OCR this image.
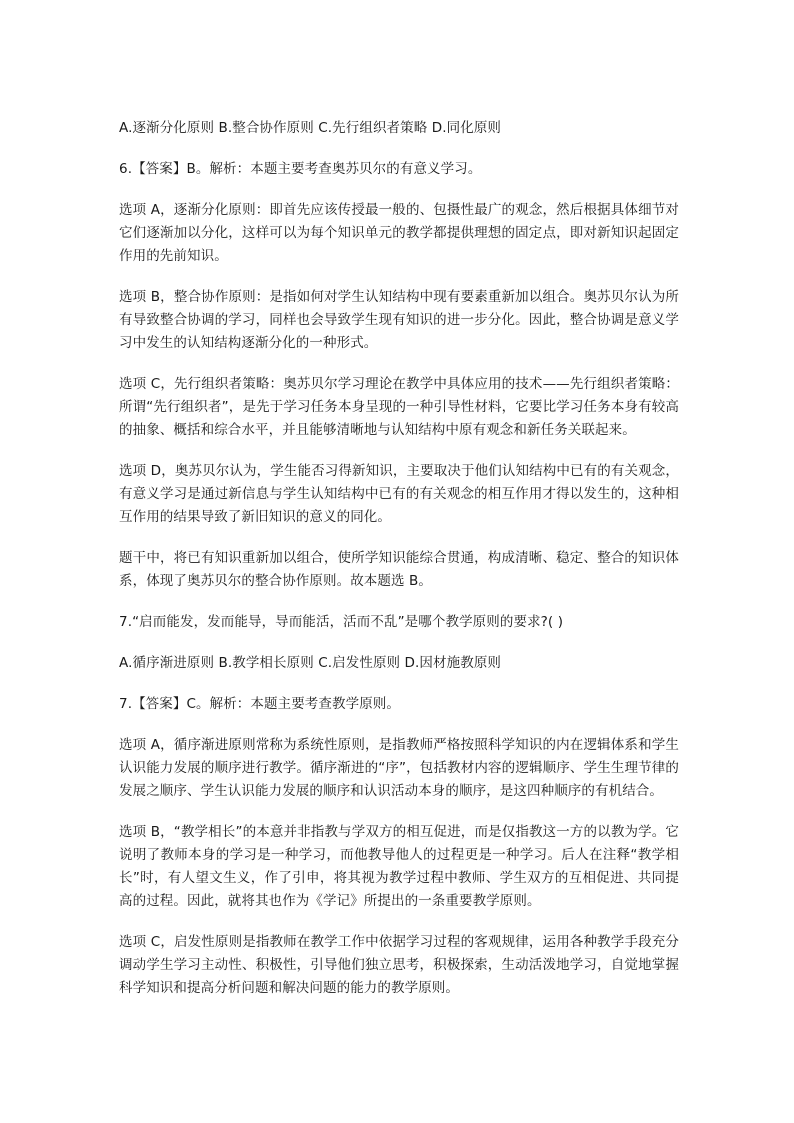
A.逐渐分化原则 B.整合协作原则 C.先行组织者策略 D.同化原则

6.【答案】B。解析：本题主要考查奥苏贝尔的有意义学习。

选项 A，逐渐分化原则：即首先应该传授最一般的、包摄性最广的观念，然后根据具体细节对它们逐渐加以分化，这样可以为每个知识单元的教学都提供理想的固定点，即对新知识起固定作用的先前知识。

选项 B，整合协作原则：是指如何对学生认知结构中现有要素重新加以组合。奥苏贝尔认为所有导致整合协调的学习，同样也会导致学生现有知识的进一步分化。因此，整合协调是意义学习中发生的认知结构逐渐分化的一种形式。

选项 C，先行组织者策略：奥苏贝尔学习理论在教学中具体应用的技术——先行组织者策略：所谓“先行组织者”，是先于学习任务本身呈现的一种引导性材料，它要比学习任务本身有较高的抽象、概括和综合水平，并且能够清晰地与认知结构中原有观念和新任务关联起来。

选项 D，奥苏贝尔认为，学生能否习得新知识，主要取决于他们认知结构中已有的有关观念，有意义学习是通过新信息与学生认知结构中已有的有关观念的相互作用才得以发生的，这种相互作用的结果导致了新旧知识的意义的同化。

题干中，将已有知识重新加以组合，使所学知识能综合贯通，构成清晰、稳定、整合的知识体系，体现了奥苏贝尔的整合协作原则。故本题选 B。

7.“启而能发，发而能导，导而能活，活而不乱”是哪个教学原则的要求?( )

A.循序渐进原则 B.教学相长原则 C.启发性原则 D.因材施教原则

7.【答案】C。解析：本题主要考查教学原则。

选项 A，循序渐进原则常称为系统性原则，是指教师严格按照科学知识的内在逻辑体系和学生认识能力发展的顺序进行教学。循序渐进的“序”，包括教材内容的逻辑顺序、学生生理节律的发展之顺序、学生认识能力发展的顺序和认识活动本身的顺序，是这四种顺序的有机结合。

选项 B，“教学相长”的本意并非指教与学双方的相互促进，而是仅指教这一方的以教为学。它说明了教师本身的学习是一种学习，而他教导他人的过程更是一种学习。后人在注释“教学相长”时，有人望文生义，作了引申，将其视为教学过程中教师、学生双方的互相促进、共同提高的过程。因此，就将其也作为《学记》所提出的一条重要教学原则。

选项 C，启发性原则是指教师在教学工作中依据学习过程的客观规律，运用各种教学手段充分调动学生学习主动性、积极性，引导他们独立思考，积极探索，生动活泼地学习，自觉地掌握科学知识和提高分析问题和解决问题的能力的教学原则。
